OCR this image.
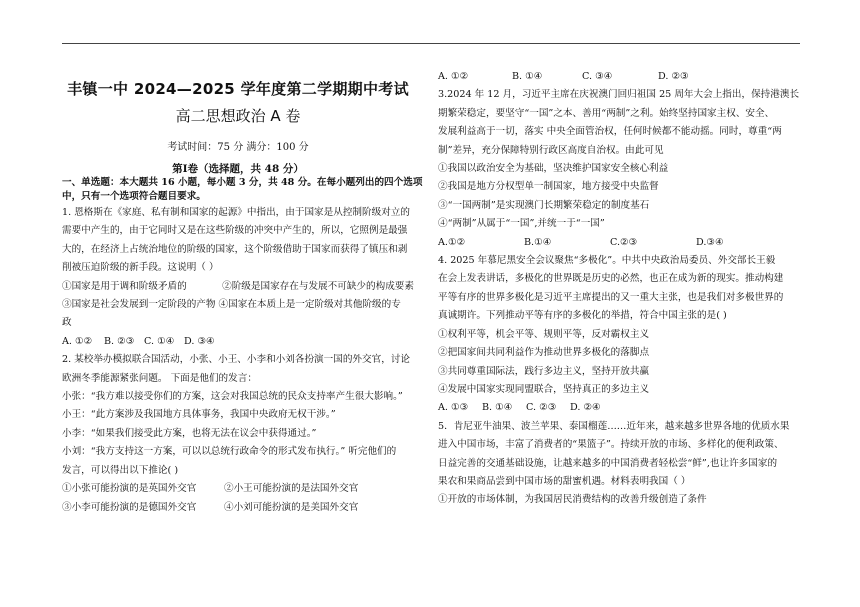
丰镇一中 2024—2025 学年度第二学期期中考试
高二思想政治 A 卷
考试时间：75 分 满分：100 分
第Ⅰ卷（选择题，共 48 分）
一、单选题：本大题共 16 小题，每小题 3 分，共 48 分。在每小题列出的四个选项
中，只有一个选项符合题目要求。
1. 恩格斯在《家庭、私有制和国家的起源》中指出，由于国家是从控制阶级对立的
需要中产生的，由于它同时又是在这些阶级的冲突中产生的，所以，它照例是最强
大的，在经济上占统治地位的阶级的国家，这个阶级借助于国家而获得了镇压和剥
削被压迫阶级的新手段。这说明（ ）
①国家是用于调和阶级矛盾的	②阶级是国家存在与发展不可缺少的构成要素
③国家是社会发展到一定阶段的产物 ④国家在本质上是一定阶级对其他阶级的专
政
A. ①②	B. ②③	C. ①④	D. ③④
2. 某校举办模拟联合国活动，小张、小王、小李和小刘各扮演一国的外交官，讨论
欧洲冬季能源紧张问题。 下面是他们的发言：
小张：“我方难以接受你们的方案，这会对我国总统的民众支持率产生很大影响。”
小王：“此方案涉及我国地方具体事务，我国中央政府无权干涉。”
小李：“如果我们接受此方案，也将无法在议会中获得通过。”
小刘：“我方支持这一方案，可以以总统行政命令的形式发布执行。” 听完他们的
发言，可以得出以下推论( )
①小张可能扮演的是英国外交官	②小王可能扮演的是法国外交官
③小李可能扮演的是德国外交官	④小刘可能扮演的是美国外交官
A. ①②	B. ①④	C. ③④	D. ②③
3.2024 年 12 月，习近平主席在庆祝澳门回归祖国 25 周年大会上指出，保持港澳长
期繁荣稳定，要坚守“一国”之本、善用“两制”之利。始终坚持国家主权、安全、
发展利益高于一切，落实 中央全面管治权，任何时候都不能动摇。同时，尊重“两
制”差异，充分保障特别行政区高度自治权。由此可见
①我国以政治安全为基础，坚决维护国家安全核心利益
②我国是地方分权型单一制国家，地方接受中央监督
③“一国两制”是实现澳门长期繁荣稳定的制度基石
④“两制”从属于“一国”,并统一于“一国”
A.①②	B.①④	C.②③	D.③④
4. 2025 年慕尼黑安全会议聚焦“多极化”。中共中央政治局委员、外交部长王毅
在会上发表讲话，多极化的世界既是历史的必然，也正在成为新的现实。推动构建
平等有序的世界多极化是习近平主席提出的又一重大主张，也是我们对多极世界的
真诚期许。下列推动平等有序的多极化的举措，符合中国主张的是( )
①权利平等，机会平等、规则平等，反对霸权主义
②把国家间共同利益作为推动世界多极化的落脚点
③共同尊重国际法，践行多边主义，坚持开放共赢
④发展中国家实现同盟联合，坚持真正的多边主义
A. ①③	B. ①④	C. ②③	D. ②④
5．肯尼亚牛油果、波兰苹果、泰国榴莲……近年来，越来越多世界各地的优质水果
进入中国市场，丰富了消费者的“果篮子”。持续开放的市场、多样化的便利政策、
日益完善的交通基础设施，让越来越多的中国消费者轻松尝“鲜”,也让许多国家的
果农和果商品尝到中国市场的甜蜜机遇。材料表明我国（ ）
①开放的市场体制，为我国居民消费结构的改善升级创造了条件
